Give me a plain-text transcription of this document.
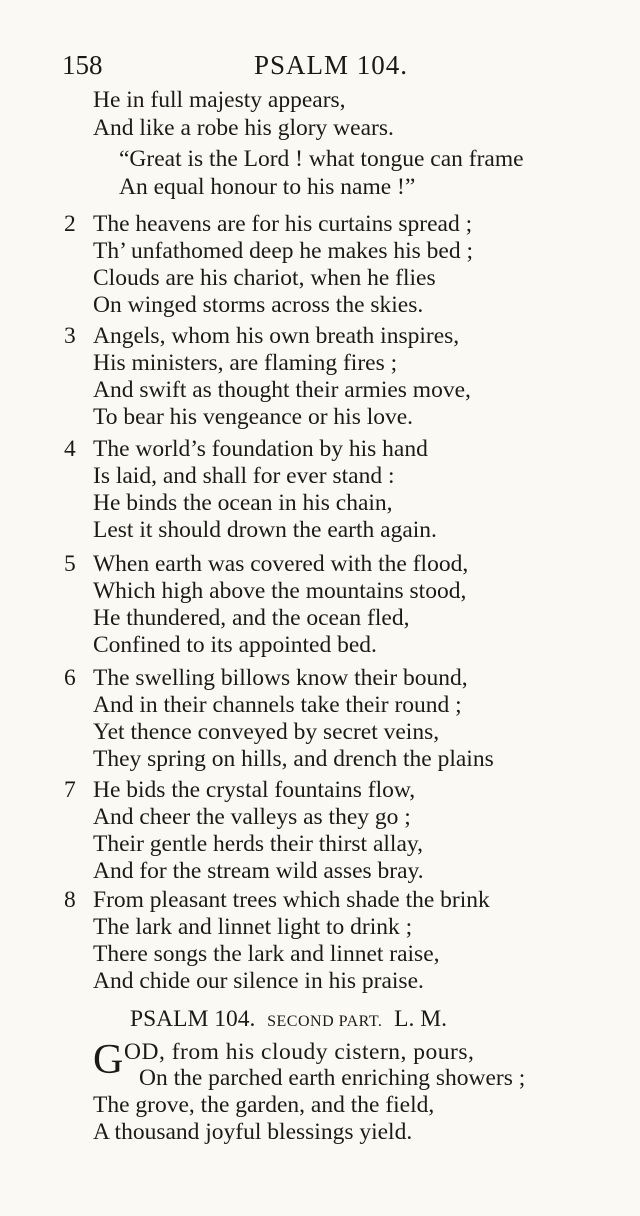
158	PSALM 104.
He in full majesty appears,
And like a robe his glory wears.
“Great is the Lord ! what tongue can frame
An equal honour to his name !”
2 The heavens are for his curtains spread ;
Th’ unfathomed deep he makes his bed ;
Clouds are his chariot, when he flies
On winged storms across the skies.
3 Angels, whom his own breath inspires,
His ministers, are flaming fires ;
And swift as thought their armies move,
To bear his vengeance or his love.
4 The world’s foundation by his hand
Is laid, and shall for ever stand :
He binds the ocean in his chain,
Lest it should drown the earth again.
5 When earth was covered with the flood,
Which high above the mountains stood,
He thundered, and the ocean fled,
Confined to its appointed bed.
6 The swelling billows know their bound,
And in their channels take their round ;
Yet thence conveyed by secret veins,
They spring on hills, and drench the plains
7 He bids the crystal fountains flow,
And cheer the valleys as they go ;
Their gentle herds their thirst allay,
And for the stream wild asses bray.
8 From pleasant trees which shade the brink
The lark and linnet light to drink ;
There songs the lark and linnet raise,
And chide our silence in his praise.
PSALM 104. SECOND PART. L. M.
G OD, from his cloudy cistern, pours,
On the parched earth enriching showers ;
The grove, the garden, and the field,
A thousand joyful blessings yield.
